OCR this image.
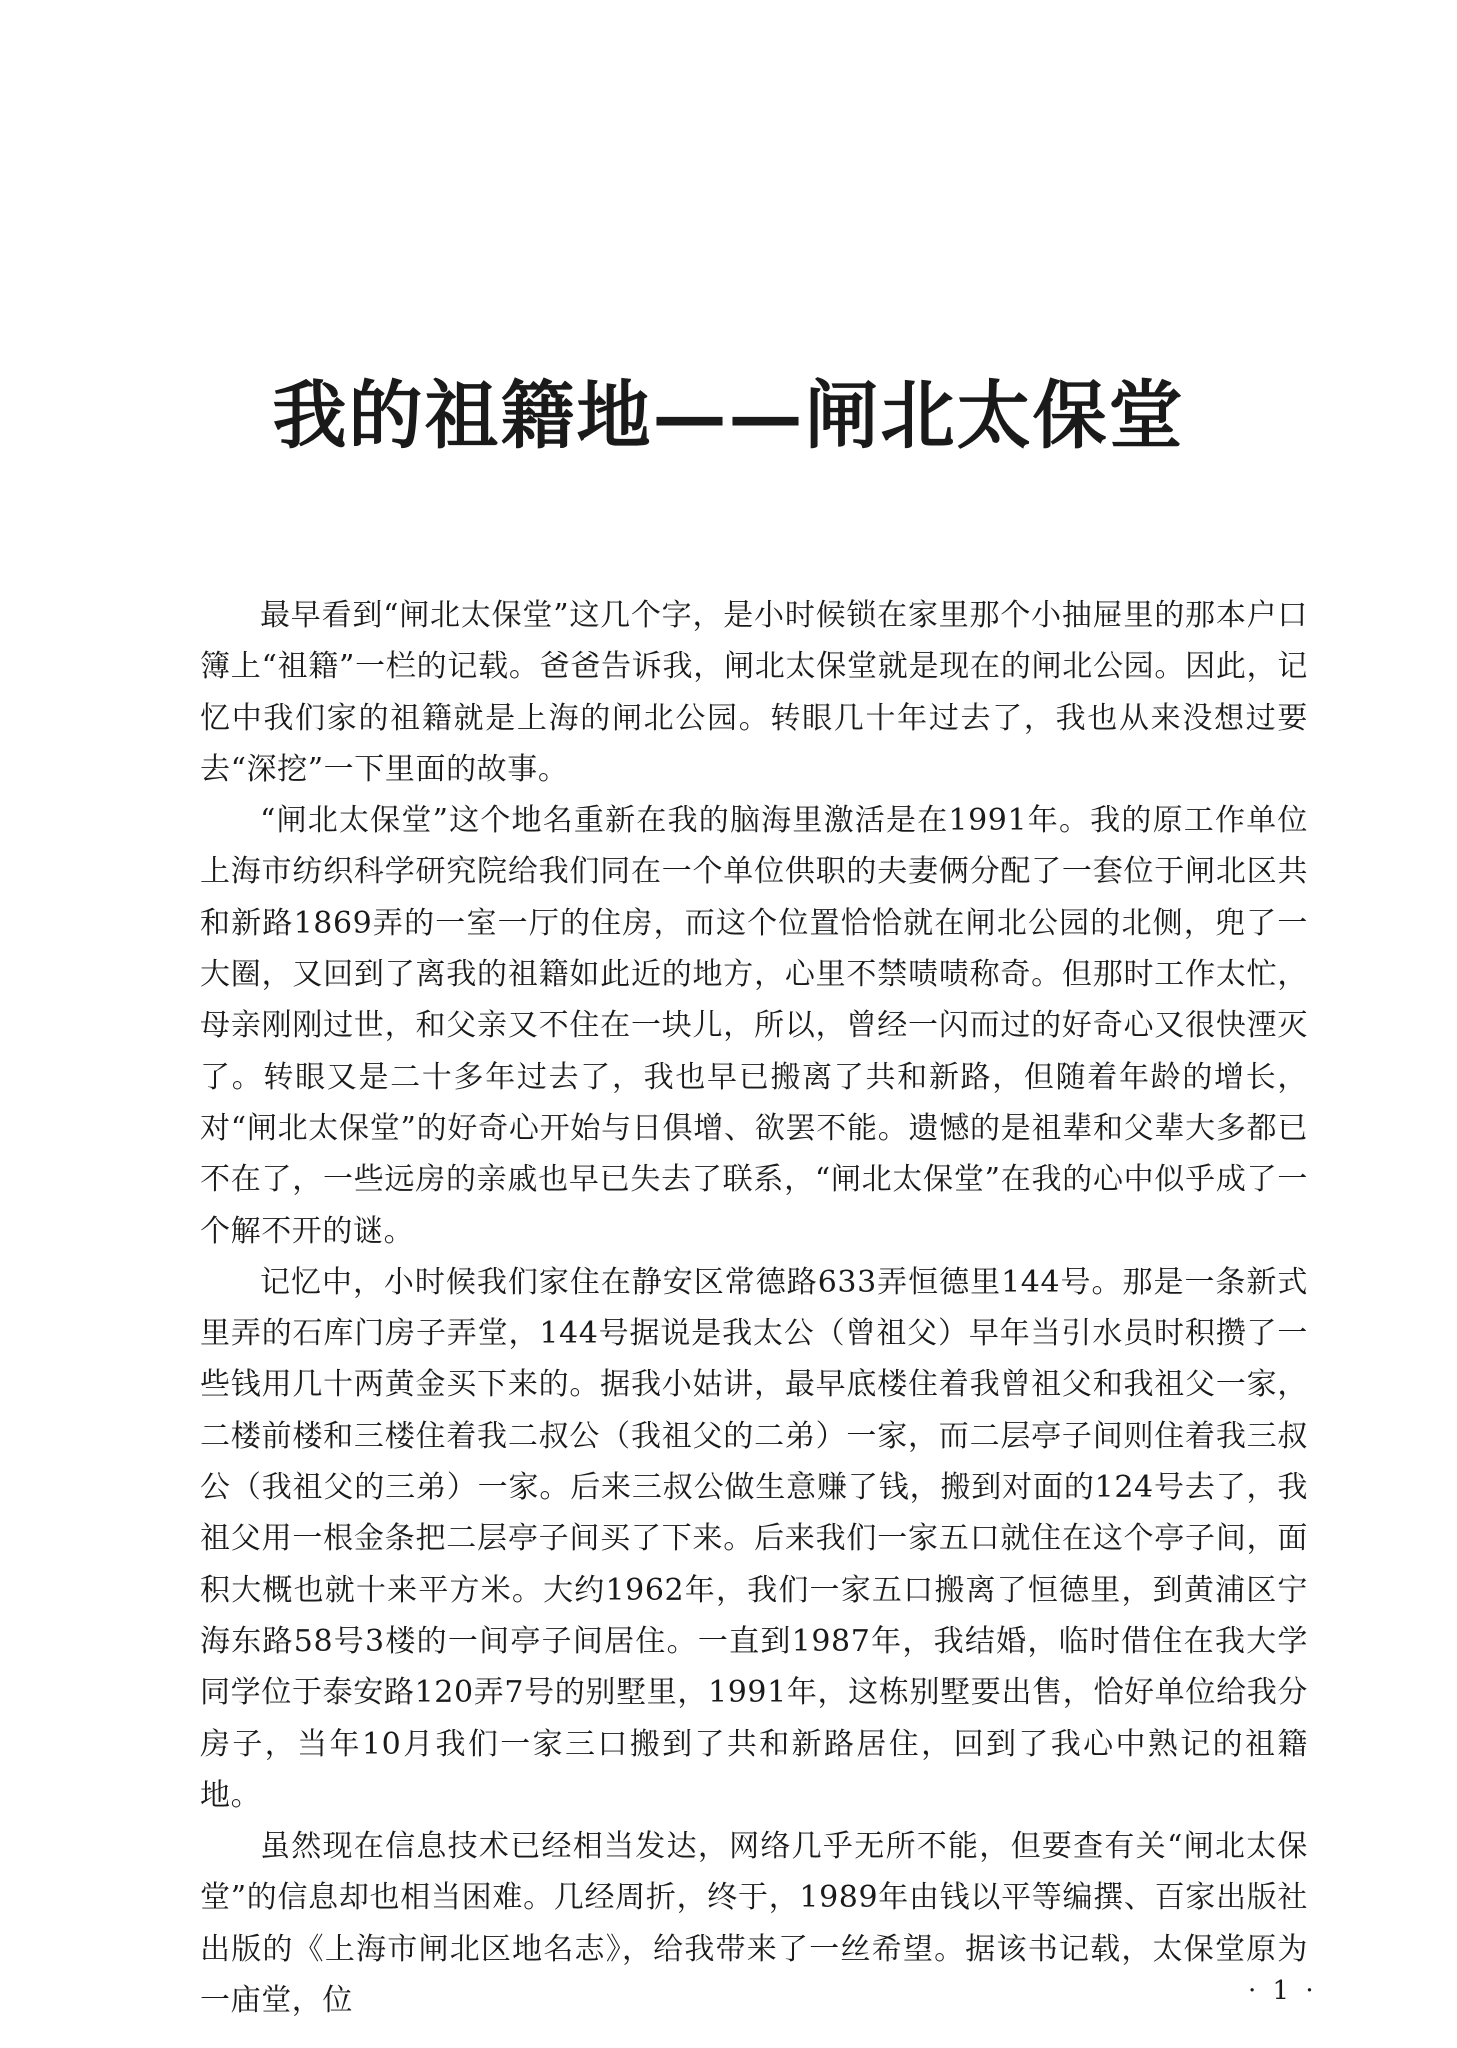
我的祖籍地——闸北太保堂

最早看到“闸北太保堂”这几个字，是小时候锁在家里那个小抽屉里的那本户口簿上“祖籍”一栏的记载。爸爸告诉我，闸北太保堂就是现在的闸北公园。因此，记忆中我们家的祖籍就是上海的闸北公园。转眼几十年过去了，我也从来没想过要去“深挖”一下里面的故事。

“闸北太保堂”这个地名重新在我的脑海里激活是在1991年。我的原工作单位上海市纺织科学研究院给我们同在一个单位供职的夫妻俩分配了一套位于闸北区共和新路1869弄的一室一厅的住房，而这个位置恰恰就在闸北公园的北侧，兜了一大圈，又回到了离我的祖籍如此近的地方，心里不禁啧啧称奇。但那时工作太忙，母亲刚刚过世，和父亲又不住在一块儿，所以，曾经一闪而过的好奇心又很快湮灭了。转眼又是二十多年过去了，我也早已搬离了共和新路，但随着年龄的增长，对“闸北太保堂”的好奇心开始与日俱增、欲罢不能。遗憾的是祖辈和父辈大多都已不在了，一些远房的亲戚也早已失去了联系，“闸北太保堂”在我的心中似乎成了一个解不开的谜。

记忆中，小时候我们家住在静安区常德路633弄恒德里144号。那是一条新式里弄的石库门房子弄堂，144号据说是我太公（曾祖父）早年当引水员时积攒了一些钱用几十两黄金买下来的。据我小姑讲，最早底楼住着我曾祖父和我祖父一家，二楼前楼和三楼住着我二叔公（我祖父的二弟）一家，而二层亭子间则住着我三叔公（我祖父的三弟）一家。后来三叔公做生意赚了钱，搬到对面的124号去了，我祖父用一根金条把二层亭子间买了下来。后来我们一家五口就住在这个亭子间，面积大概也就十来平方米。大约1962年，我们一家五口搬离了恒德里，到黄浦区宁海东路58号3楼的一间亭子间居住。一直到1987年，我结婚，临时借住在我大学同学位于泰安路120弄7号的别墅里，1991年，这栋别墅要出售，恰好单位给我分房子，当年10月我们一家三口搬到了共和新路居住，回到了我心中熟记的祖籍地。

虽然现在信息技术已经相当发达，网络几乎无所不能，但要查有关“闸北太保堂”的信息却也相当困难。几经周折，终于，1989年由钱以平等编撰、百家出版社出版的《上海市闸北区地名志》，给我带来了一丝希望。据该书记载，太保堂原为一庙堂，位	· 1 ·
